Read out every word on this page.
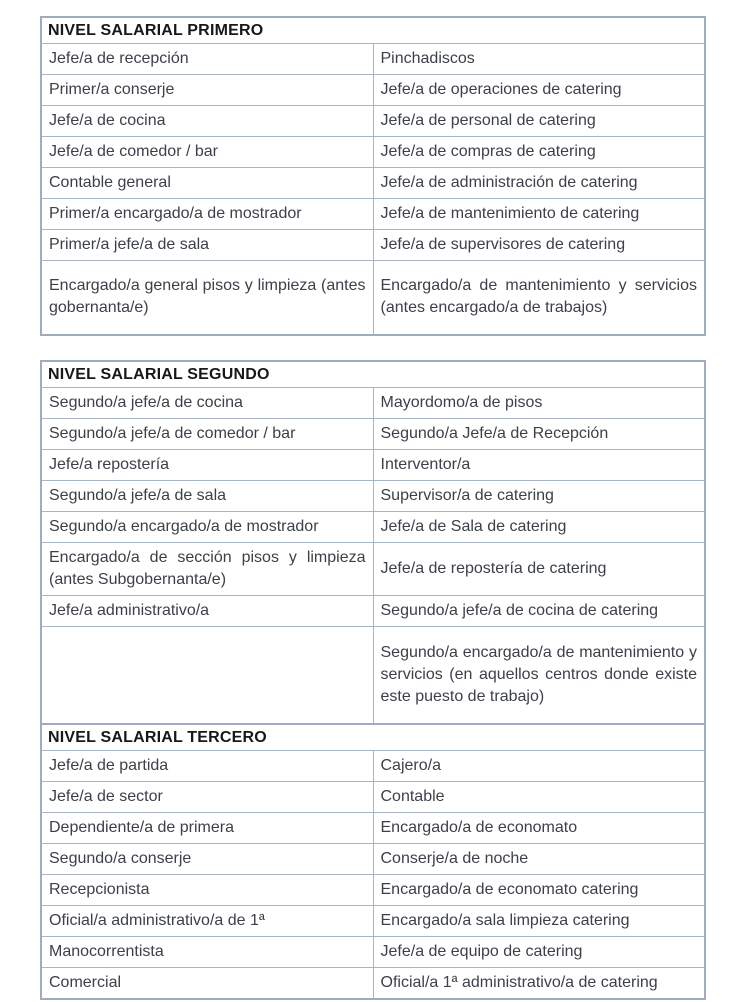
NIVEL SALARIAL PRIMERO	
Jefe/a de recepción	Pinchadiscos
Primer/a conserje	Jefe/a de operaciones de catering
Jefe/a de cocina	Jefe/a de personal de catering
Jefe/a de comedor / bar	Jefe/a de compras de catering
Contable general	Jefe/a de administración de catering
Primer/a encargado/a de mostrador	Jefe/a de mantenimiento de catering
Primer/a jefe/a de sala	Jefe/a de supervisores de catering
Encargado/a general pisos y limpieza (antes gobernanta/e)	Encargado/a de mantenimiento y servicios (antes encargado/a de trabajos)
NIVEL SALARIAL SEGUNDO	
Segundo/a jefe/a de cocina	Mayordomo/a de pisos
Segundo/a jefe/a de comedor / bar	Segundo/a Jefe/a de Recepción
Jefe/a repostería	Interventor/a
Segundo/a jefe/a de sala	Supervisor/a de catering
Segundo/a encargado/a de mostrador	Jefe/a de Sala de catering
Encargado/a de sección pisos y limpieza (antes Subgobernanta/e)	Jefe/a de repostería de catering
Jefe/a administrativo/a	Segundo/a jefe/a de cocina de catering
	Segundo/a encargado/a de mantenimiento y servicios (en aquellos centros donde existe este puesto de trabajo)
NIVEL SALARIAL TERCERO	
Jefe/a de partida	Cajero/a
Jefe/a de sector	Contable
Dependiente/a de primera	Encargado/a de economato
Segundo/a conserje	Conserje/a de noche
Recepcionista	Encargado/a de economato catering
Oficial/a administrativo/a de 1ª	Encargado/a sala limpieza catering
Manocorrentista	Jefe/a de equipo de catering
Comercial	Oficial/a 1ª administrativo/a de catering
